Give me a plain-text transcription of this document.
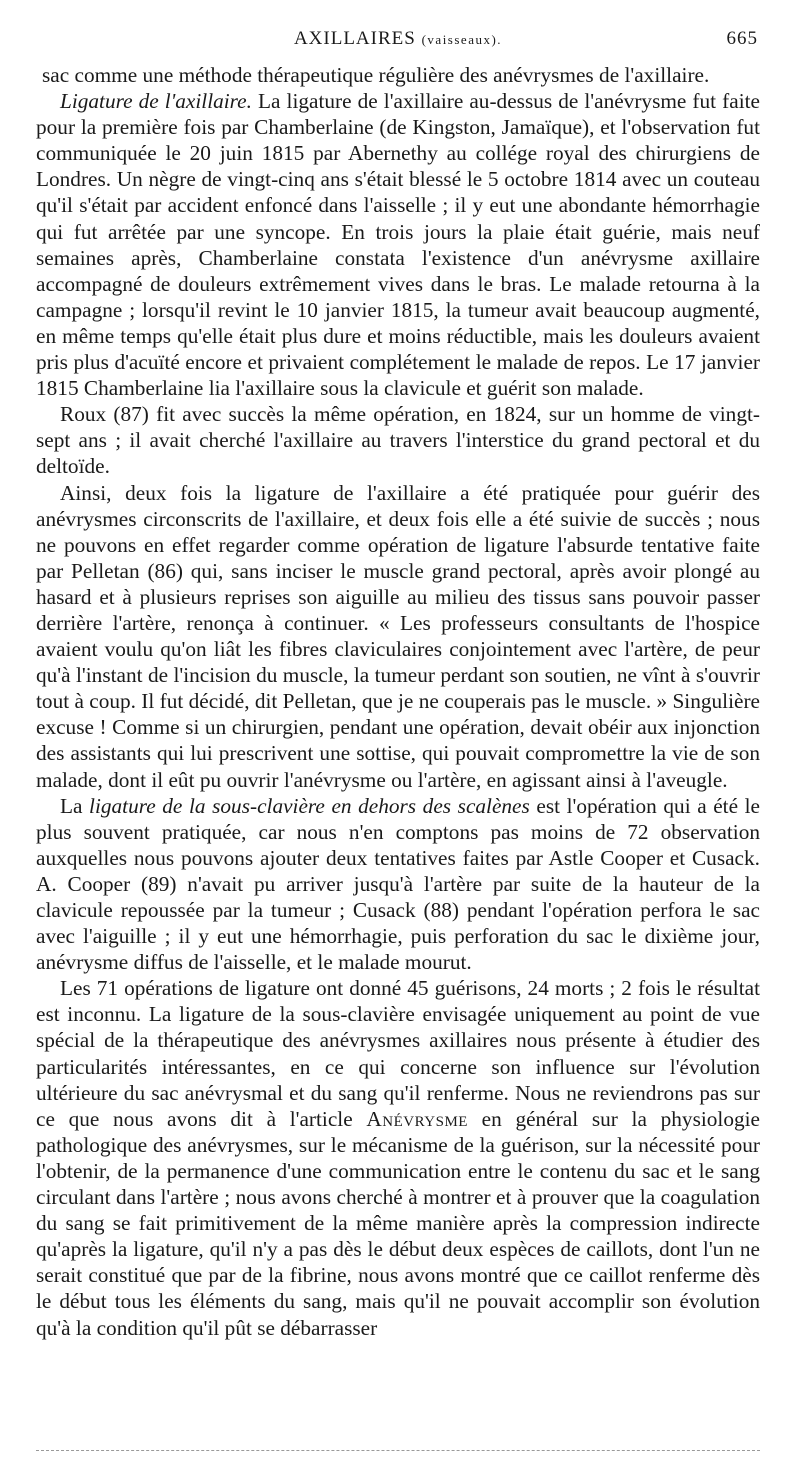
AXILLAIRES (vaisseaux).	665

sac comme une méthode thérapeutique régulière des anévrysmes de l'axillaire.

Ligature de l'axillaire. La ligature de l'axillaire au-dessus de l'anévrysme fut faite pour la première fois par Chamberlaine (de Kingston, Jamaïque), et l'observation fut communiquée le 20 juin 1815 par Abernethy au collége royal des chirurgiens de Londres. Un nègre de vingt-cinq ans s'était blessé le 5 octobre 1814 avec un couteau qu'il s'était par accident enfoncé dans l'aisselle ; il y eut une abondante hémorrhagie qui fut arrêtée par une syncope. En trois jours la plaie était guérie, mais neuf semaines après, Chamberlaine constata l'existence d'un anévrysme axillaire accompagné de douleurs extrêmement vives dans le bras. Le malade retourna à la campagne ; lorsqu'il revint le 10 janvier 1815, la tumeur avait beaucoup augmenté, en même temps qu'elle était plus dure et moins réductible, mais les douleurs avaient pris plus d'acuïté encore et privaient complétement le malade de repos. Le 17 janvier 1815 Chamberlaine lia l'axillaire sous la clavicule et guérit son malade.

Roux (87) fit avec succès la même opération, en 1824, sur un homme de vingt-sept ans ; il avait cherché l'axillaire au travers l'interstice du grand pectoral et du deltoïde.

Ainsi, deux fois la ligature de l'axillaire a été pratiquée pour guérir des anévrysmes circonscrits de l'axillaire, et deux fois elle a été suivie de succès ; nous ne pouvons en effet regarder comme opération de ligature l'absurde tentative faite par Pelletan (86) qui, sans inciser le muscle grand pectoral, après avoir plongé au hasard et à plusieurs reprises son aiguille au milieu des tissus sans pouvoir passer derrière l'artère, renonça à continuer. « Les professeurs consultants de l'hospice avaient voulu qu'on liât les fibres claviculaires conjointement avec l'artère, de peur qu'à l'instant de l'incision du muscle, la tumeur perdant son soutien, ne vînt à s'ouvrir tout à coup. Il fut décidé, dit Pelletan, que je ne couperais pas le muscle. » Singulière excuse ! Comme si un chirurgien, pendant une opération, devait obéir aux injonction des assistants qui lui prescrivent une sottise, qui pouvait compromettre la vie de son malade, dont il eût pu ouvrir l'anévrysme ou l'artère, en agissant ainsi à l'aveugle.

La ligature de la sous-clavière en dehors des scalènes est l'opération qui a été le plus souvent pratiquée, car nous n'en comptons pas moins de 72 observation auxquelles nous pouvons ajouter deux tentatives faites par Astle Cooper et Cusack. A. Cooper (89) n'avait pu arriver jusqu'à l'artère par suite de la hauteur de la clavicule repoussée par la tumeur ; Cusack (88) pendant l'opération perfora le sac avec l'aiguille ; il y eut une hémorrhagie, puis perforation du sac le dixième jour, anévrysme diffus de l'aisselle, et le malade mourut.

Les 71 opérations de ligature ont donné 45 guérisons, 24 morts ; 2 fois le résultat est inconnu. La ligature de la sous-clavière envisagée uniquement au point de vue spécial de la thérapeutique des anévrysmes axillaires nous présente à étudier des particularités intéressantes, en ce qui concerne son influence sur l'évolution ultérieure du sac anévrysmal et du sang qu'il renferme. Nous ne reviendrons pas sur ce que nous avons dit à l'article Anévrysme en général sur la physiologie pathologique des anévrysmes, sur le mécanisme de la guérison, sur la nécessité pour l'obtenir, de la permanence d'une communication entre le contenu du sac et le sang circulant dans l'artère ; nous avons cherché à montrer et à prouver que la coagulation du sang se fait primitivement de la même manière après la compression indirecte qu'après la ligature, qu'il n'y a pas dès le début deux espèces de caillots, dont l'un ne serait constitué que par de la fibrine, nous avons montré que ce caillot renferme dès le début tous les éléments du sang, mais qu'il ne pouvait accomplir son évolution qu'à la condition qu'il pût se débarrasser
